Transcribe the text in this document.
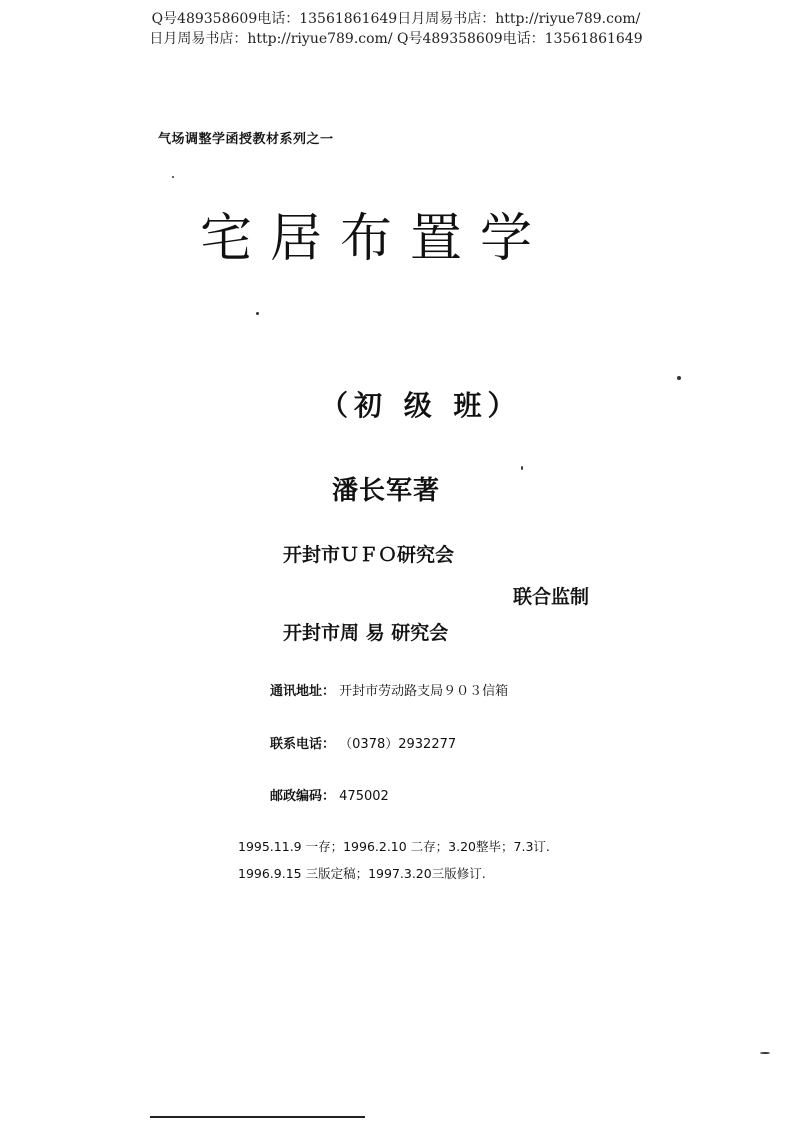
Q号489358609电话：13561861649日月周易书店：http://riyue789.com/
日月周易书店：http://riyue789.com/ Q号489358609电话：13561861649
气场调整学函授教材系列之一
宅居布置学
（初 级 班）
潘长军著
开封市ＵＦＯ研究会
联合监制
开封市周 易 研究会
通讯地址： 开封市劳动路支局９０３信箱
联系电话： （0378）2932277
邮政编码： 475002
1995.11.9 一存；1996.2.10 二存；3.20整毕；7.3订.
1996.9.15 三版定稿；1997.3.20三版修订.
